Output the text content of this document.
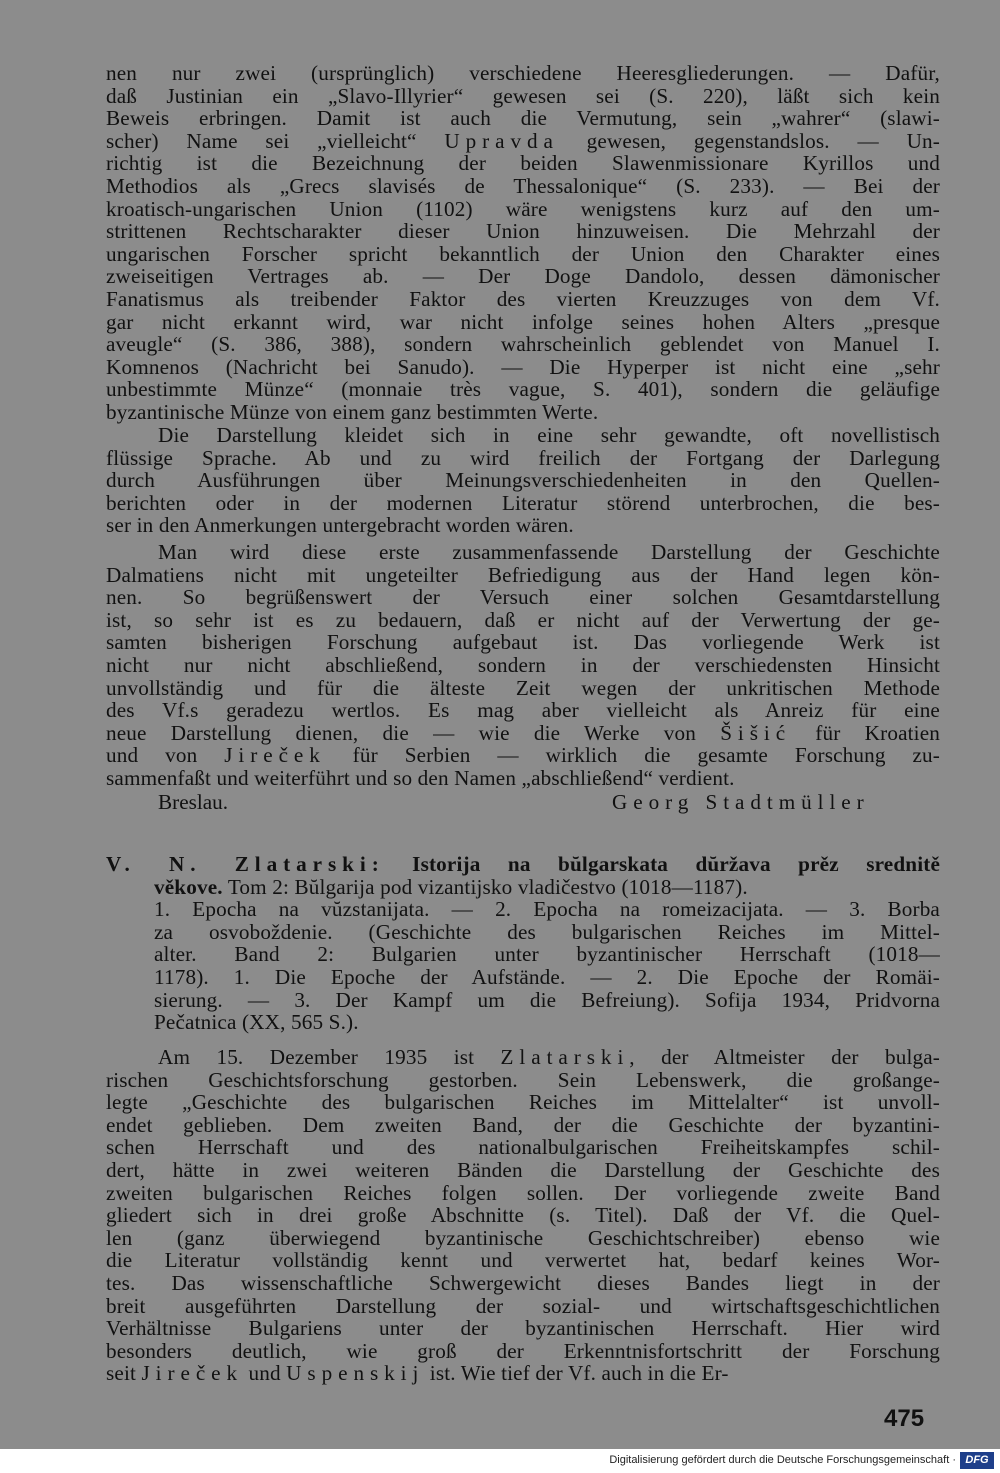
nen nur zwei (ursprünglich) verschiedene Heeresgliederungen. — Dafür,
daß Justinian ein „Slavo-Illyrier“ gewesen sei (S. 220), läßt sich kein
Beweis erbringen. Damit ist auch die Vermutung, sein „wahrer“ (slawi-
scher) Name sei „vielleicht“ Upravda gewesen, gegenstandslos. — Un-
richtig ist die Bezeichnung der beiden Slawenmissionare Kyrillos und
Methodios als „Grecs slavisés de Thessalonique“ (S. 233). — Bei der
kroatisch-ungarischen Union (1102) wäre wenigstens kurz auf den um-
strittenen Rechtscharakter dieser Union hinzuweisen. Die Mehrzahl der
ungarischen Forscher spricht bekanntlich der Union den Charakter eines
zweiseitigen Vertrages ab. — Der Doge Dandolo, dessen dämonischer
Fanatismus als treibender Faktor des vierten Kreuzzuges von dem Vf.
gar nicht erkannt wird, war nicht infolge seines hohen Alters „presque
aveugle“ (S. 386, 388), sondern wahrscheinlich geblendet von Manuel I.
Komnenos (Nachricht bei Sanudo). — Die Hyperper ist nicht eine „sehr
unbestimmte Münze“ (monnaie très vague, S. 401), sondern die geläufige
byzantinische Münze von einem ganz bestimmten Werte.
Die Darstellung kleidet sich in eine sehr gewandte, oft novellistisch
flüssige Sprache. Ab und zu wird freilich der Fortgang der Darlegung
durch Ausführungen über Meinungsverschiedenheiten in den Quellen-
berichten oder in der modernen Literatur störend unterbrochen, die bes-
ser in den Anmerkungen untergebracht worden wären.
Man wird diese erste zusammenfassende Darstellung der Geschichte
Dalmatiens nicht mit ungeteilter Befriedigung aus der Hand legen kön-
nen. So begrüßenswert der Versuch einer solchen Gesamtdarstellung
ist, so sehr ist es zu bedauern, daß er nicht auf der Verwertung der ge-
samten bisherigen Forschung aufgebaut ist. Das vorliegende Werk ist
nicht nur nicht abschließend, sondern in der verschiedensten Hinsicht
unvollständig und für die älteste Zeit wegen der unkritischen Methode
des Vf.s geradezu wertlos. Es mag aber vielleicht als Anreiz für eine
neue Darstellung dienen, die — wie die Werke von Šišić für Kroatien
und von Jireček für Serbien — wirklich die gesamte Forschung zu-
sammenfaßt und weiterführt und so den Namen „abschließend“ verdient.
Breslau.	Georg Stadtmüller
V. N. Zlatarski: Istorija na bŭlgarskata dŭržava prěz srednitě
věkove. Tom 2: Bŭlgarija pod vizantijsko vladičestvo (1018—1187).
1. Epocha na vŭzstanijata. — 2. Epocha na romeizacijata. — 3. Borba
za osvoboždenie. (Geschichte des bulgarischen Reiches im Mittel-
alter. Band 2: Bulgarien unter byzantinischer Herrschaft (1018—
1178). 1. Die Epoche der Aufstände. — 2. Die Epoche der Romäi-
sierung. — 3. Der Kampf um die Befreiung). Sofija 1934, Pridvorna
Pečatnica (XX, 565 S.).
Am 15. Dezember 1935 ist Zlatarski, der Altmeister der bulga-
rischen Geschichtsforschung gestorben. Sein Lebenswerk, die großange-
legte „Geschichte des bulgarischen Reiches im Mittelalter“ ist unvoll-
endet geblieben. Dem zweiten Band, der die Geschichte der byzantini-
schen Herrschaft und des nationalbulgarischen Freiheitskampfes schil-
dert, hätte in zwei weiteren Bänden die Darstellung der Geschichte des
zweiten bulgarischen Reiches folgen sollen. Der vorliegende zweite Band
gliedert sich in drei große Abschnitte (s. Titel). Daß der Vf. die Quel-
len (ganz überwiegend byzantinische Geschichtschreiber) ebenso wie
die Literatur vollständig kennt und verwertet hat, bedarf keines Wor-
tes. Das wissenschaftliche Schwergewicht dieses Bandes liegt in der
breit ausgeführten Darstellung der sozial- und wirtschaftsgeschichtlichen
Verhältnisse Bulgariens unter der byzantinischen Herrschaft. Hier wird
besonders deutlich, wie groß der Erkenntnisfortschritt der Forschung
seit Jireček und Uspenskij ist. Wie tief der Vf. auch in die Er-
475
Digitalisierung gefördert durch die Deutsche Forschungsgemeinschaft · DFG
